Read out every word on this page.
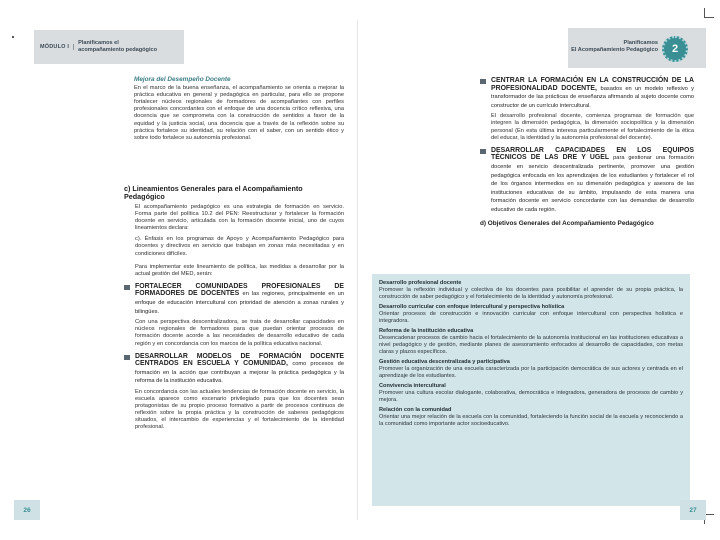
MÓDULO I
Planificamos el
acompañamiento pedagógico
Mejora del Desempeño Docente

En el marco de la buena enseñanza, el acompañamiento se orienta a mejorar la práctica educativa en general y pedagógica en particular, para ello se propone fortalecer núcleos regionales de formadores de acompañantes con perfiles profesionales concordantes con el enfoque de una docencia crítico reflexiva, una docencia que se comprometa con la construcción de sentidos a favor de la equidad y la justicia social, una docencia que a través de la reflexión sobre su práctica fortalece su identidad, su relación con el saber, con un sentido ético y sobre todo fortalece su autonomía profesional.

c) Lineamientos Generales para el Acompañamiento Pedagógico

El acompañamiento pedagógico es una estrategia de formación en servicio. Forma parte del política 10.2 del PEN: Reestructurar y fortalecer la formación docente en servicio, articulada con la formación docente inicial, uno de cuyos lineamientos declara:

c). Énfasis en los programas de Apoyo y Acompañamiento Pedagógico para docentes y directivos en servicio que trabajan en zonas más necesitadas y en condiciones difíciles.

Para implementar este lineamiento de política, las medidas a desarrollar por la actual gestión del MED, serán:

FORTALECER COMUNIDADES PROFESIONALES DE FORMADORES DE DOCENTES en las regiones, principalmente en un enfoque de educación intercultural con prioridad de atención a zonas rurales y bilingües.

Con una perspectiva descentralizadora, se trata de desarrollar capacidades en núcleos regionales de formadores para que puedan orientar procesos de formación docente acorde a las necesidades de desarrollo educativo de cada región y en concordancia con los marcos de la política educativa nacional.

DESARROLLAR MODELOS DE FORMACIÓN DOCENTE CENTRADOS EN ESCUELA Y COMUNIDAD, como procesos de formación en la acción que contribuyan a mejorar la práctica pedagógica y la reforma de la institución educativa.

En concordancia con las actuales tendencias de formación docente en servicio, la escuela aparece como escenario privilegiado para que los docentes sean protagonistas de su propio proceso formativo a partir de procesos continuos de reflexión sobre la propia práctica y la construcción de saberes pedagógicos situados, el intercambio de experiencias y el fortalecimiento de la identidad profesional.

26
Planificamos
El Acompañamiento Pedagógico	2
CENTRAR LA FORMACIÓN EN LA CONSTRUCCIÓN DE LA PROFESIONALIDAD DOCENTE, basados en un modelo reflexivo y transformador de las prácticas de enseñanza afirmando al sujeto docente como constructor de un currículo intercultural.

El desarrollo profesional docente, comienza programas de formación que integren la dimensión pedagógica, la dimensión sociopolítica y la dimensión personal (En esta última interesa particularmente el fortalecimiento de la ética del educar, la identidad y la autonomía profesional del docente).

DESARROLLAR CAPACIDADES EN LOS EQUIPOS TÉCNICOS DE LAS DRE Y UGEL para gestionar una formación docente en servicio descentralizada pertinente, promover una gestión pedagógica enfocada en los aprendizajes de los estudiantes y fortalecer el rol de los órganos intermedios en su dimensión pedagógica y asesora de las instituciones educativas de su ámbito, impulsando de esta manera una formación docente en servicio concordante con las demandas de desarrollo educativo de cada región.
d) Objetivos Generales del Acompañamiento Pedagógico
Desarrollo profesional docente
Promover la reflexión individual y colectiva de los docentes para posibilitar el aprender de su propia práctica, la construcción de saber pedagógico y el fortalecimiento de la identidad y autonomía profesional.
Desarrollo curricular con enfoque intercultural y perspectiva holística
Orientar procesos de construcción e innovación curricular con enfoque intercultural con perspectiva holística e integradora.
Reforma de la institución educativa
Desencadenar procesos de cambio hacia el fortalecimiento de la autonomía institucional en las instituciones educativas a nivel pedagógico y de gestión, mediante planes de asesoramiento enfocados al desarrollo de capacidades, con metas claras y plazos específicos.
Gestión educativa descentralizada y participativa
Promover la organización de una escuela caracterizada por la participación democrática de sus actores y centrada en el aprendizaje de los estudiantes.
Convivencia intercultural
Promover una cultura escolar dialogante, colaborativa, democrática e integradora, generadora de procesos de cambio y mejora.
Relación con la comunidad
Orientar una mejor relación de la escuela con la comunidad, fortaleciendo la función social de la escuela y reconociendo a la comunidad como importante actor socioeducativo.
27
